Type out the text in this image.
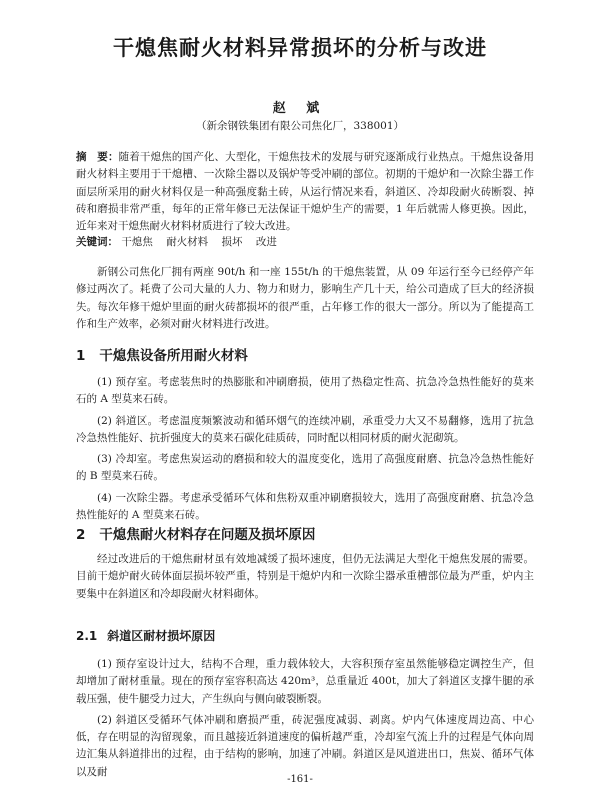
干熄焦耐火材料异常损坏的分析与改进
赵 斌
（新余钢铁集团有限公司焦化厂，338001）

摘　要：随着干熄焦的国产化、大型化，干熄焦技术的发展与研究逐渐成行业热点。干熄焦设备用耐火材料主要用于干熄槽、一次除尘器以及锅炉等受冲刷的部位。初期的干熄炉和一次除尘器工作面层所采用的耐火材料仅是一种高强度黏土砖，从运行情况来看，斜道区、冷却段耐火砖断裂、掉砖和磨损非常严重，每年的正常年修已无法保证干熄炉生产的需要，1 年后就需人修更换。因此，近年来对干熄焦耐火材料材质进行了较大改进。

关键词： 干熄焦 耐火材料 损坏 改进

新钢公司焦化厂拥有两座 90t/h 和一座 155t/h 的干熄焦装置，从 09 年运行至今已经停产年修过两次了。耗费了公司大量的人力、物力和财力，影响生产几十天，给公司造成了巨大的经济损失。每次年修干熄炉里面的耐火砖都损坏的很严重，占年修工作的很大一部分。所以为了能提高工作和生产效率，必须对耐火材料进行改进。

1 干熄焦设备所用耐火材料

(1) 预存室。考虑装焦时的热膨胀和冲刷磨损，使用了热稳定性高、抗急冷急热性能好的莫来石的 A 型莫来石砖。

(2) 斜道区。考虑温度频繁波动和循环烟气的连续冲刷，承重受力大又不易翻修，选用了抗急冷急热性能好、抗折强度大的莫来石碳化硅质砖，同时配以相同材质的耐火泥砌筑。

(3) 冷却室。考虑焦炭运动的磨损和较大的温度变化，选用了高强度耐磨、抗急冷急热性能好的 B 型莫来石砖。

(4) 一次除尘器。考虑承受循环气体和焦粉双重冲刷磨损较大，选用了高强度耐磨、抗急冷急热性能好的 A 型莫来石砖。

2 干熄焦耐火材料存在问题及损坏原因

经过改进后的干熄焦耐材虽有效地减缓了损坏速度，但仍无法满足大型化干熄焦发展的需要。目前干熄炉耐火砖体面层损坏较严重，特别是干熄炉内和一次除尘器承重槽部位最为严重，炉内主要集中在斜道区和冷却段耐火材料砌体。

2.1 斜道区耐材损坏原因

(1) 预存室设计过大，结构不合理，重力载体较大，大容积预存室虽然能够稳定调控生产，但却增加了耐材重量。现在的预存室容积高达 420m³，总重量近 400t，加大了斜道区支撑牛腿的承载压强，使牛腿受力过大，产生纵向与侧向破裂断裂。

(2) 斜道区受循环气体冲刷和磨损严重，砖泥强度减弱、剥离。炉内气体速度周边高、中心低，存在明显的沟留现象，而且越接近斜道速度的偏析越严重，冷却室气流上升的过程是气体向周边汇集从斜道排出的过程，由于结构的影响，加速了冲刷。斜道区是风道进出口，焦炭、循环气体以及耐

-161-
